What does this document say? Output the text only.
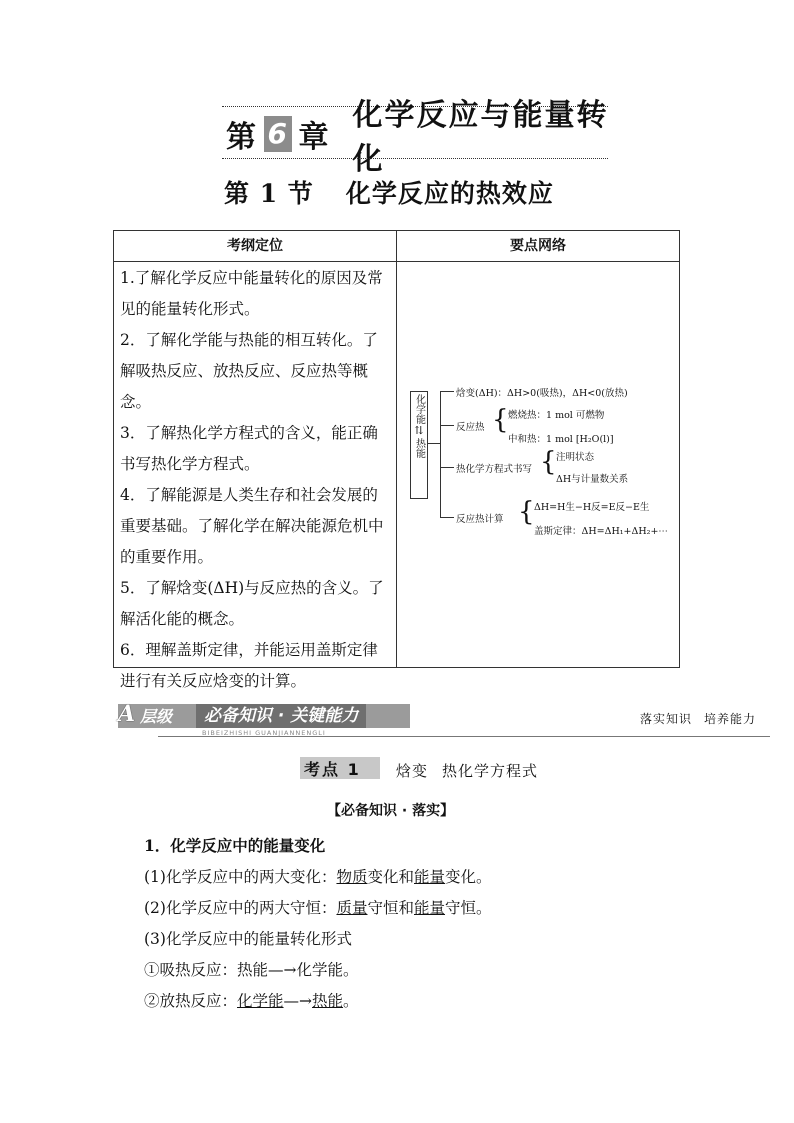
第 6 章
化学反应与能量转化
第 1 节 化学反应的热效应
考纲定位	要点网络

1.了解化学反应中能量转化的原因及常见的能量转化形式。

2．了解化学能与热能的相互转化。了解吸热反应、放热反应、反应热等概念。

3．了解热化学方程式的含义，能正确书写热化学方程式。

4．了解能源是人类生存和社会发展的重要基础。了解化学在解决能源危机中的重要作用。

5．了解焓变(ΔH)与反应热的含义。了解活化能的概念。

6．理解盖斯定律，并能运用盖斯定律进行有关反应焓变的计算。

化学能
⇅
热能
焓变(ΔH)：ΔH>0(吸热)，ΔH<0(放热)
反应热 { 燃烧热：1 mol 可燃物
中和热：1 mol [H₂O(l)]
热化学方程式书写 { 注明状态
ΔH与计量数关系
反应热计算 { ΔH=H生−H反=E反−E生
盖斯定律：ΔH=ΔH₁+ΔH₂+⋯
A 层级	必备知识 · 关键能力
BIBEIZHISHI GUANJIANNENGLI
落实知识 培养能力
考点 1 焓变 热化学方程式
【必备知识 · 落实】
1．化学反应中的能量变化
(1)化学反应中的两大变化：物质变化和能量变化。
(2)化学反应中的两大守恒：质量守恒和能量守恒。
(3)化学反应中的能量转化形式
①吸热反应：热能—→化学能。
②放热反应：化学能—→热能。
